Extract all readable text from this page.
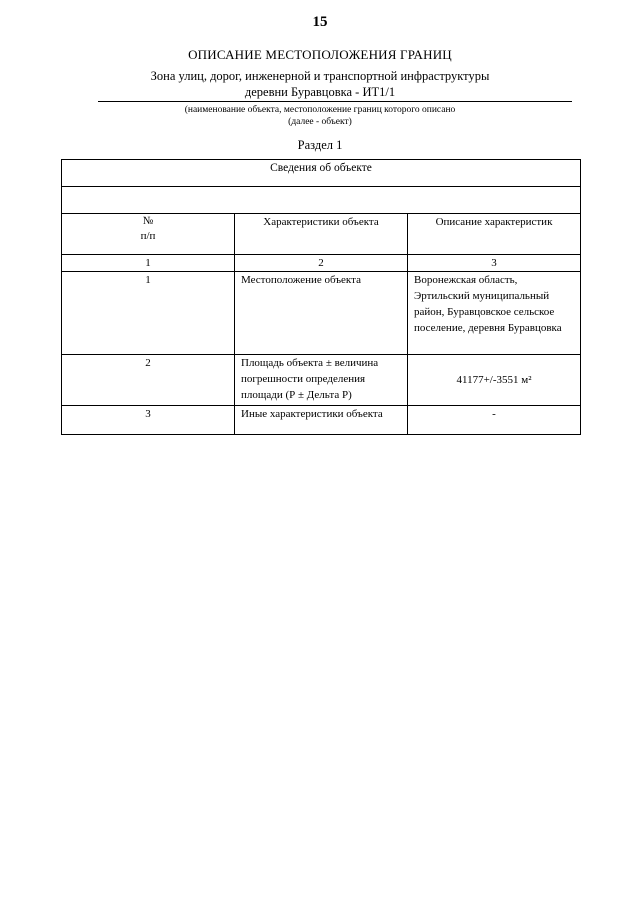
15
ОПИСАНИЕ МЕСТОПОЛОЖЕНИЯ ГРАНИЦ
Зона улиц, дорог, инженерной и транспортной инфраструктуры
деревни Буравцовка - ИТ1/1
(наименование объекта, местоположение границ которого описано
(далее - объект)
Раздел 1
Сведения об объекте		

№
п/п	Характеристики объекта	Описание характеристик
1	2	3
1	Местоположение объекта	Воронежская область, Эртильский муниципальный район, Буравцовское сельское поселение, деревня Буравцовка
2	Площадь объекта ± величина погрешности определения площади (Р ± Дельта Р)	41177+/-3551 м²
3	Иные характеристики объекта	-
